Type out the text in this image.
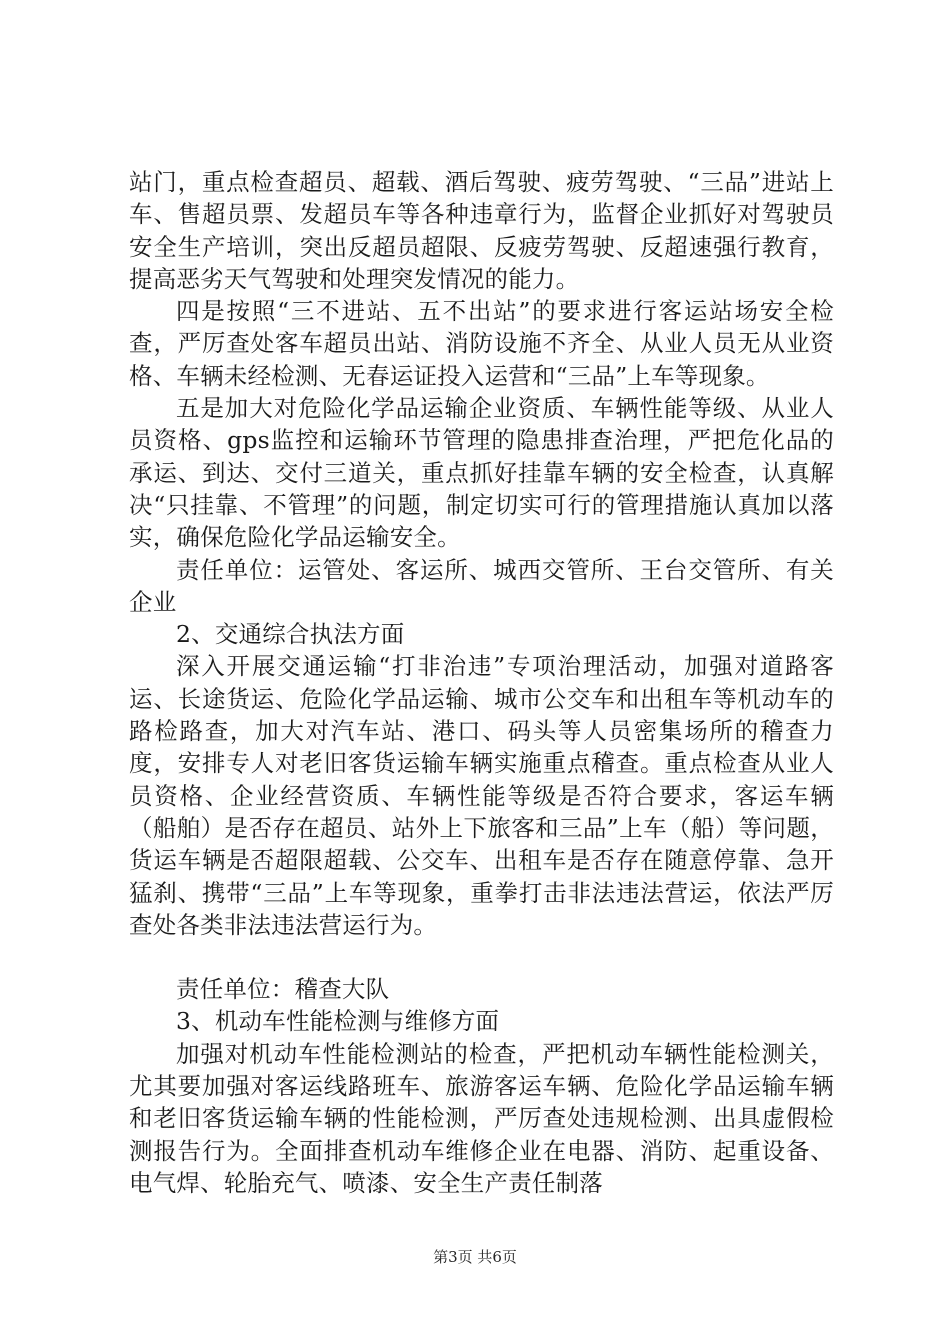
站门，重点检查超员、超载、酒后驾驶、疲劳驾驶、“三品”进站上车、售超员票、发超员车等各种违章行为，监督企业抓好对驾驶员安全生产培训，突出反超员超限、反疲劳驾驶、反超速强行教育，提高恶劣天气驾驶和处理突发情况的能力。

四是按照“三不进站、五不出站”的要求进行客运站场安全检查，严厉查处客车超员出站、消防设施不齐全、从业人员无从业资格、车辆未经检测、无春运证投入运营和“三品”上车等现象。

五是加大对危险化学品运输企业资质、车辆性能等级、从业人员资格、gps监控和运输环节管理的隐患排查治理，严把危化品的承运、到达、交付三道关，重点抓好挂靠车辆的安全检查，认真解决“只挂靠、不管理”的问题，制定切实可行的管理措施认真加以落实，确保危险化学品运输安全。

责任单位：运管处、客运所、城西交管所、王台交管所、有关企业

2、交通综合执法方面

深入开展交通运输“打非治违”专项治理活动，加强对道路客运、长途货运、危险化学品运输、城市公交车和出租车等机动车的路检路查，加大对汽车站、港口、码头等人员密集场所的稽查力度，安排专人对老旧客货运输车辆实施重点稽查。重点检查从业人员资格、企业经营资质、车辆性能等级是否符合要求，客运车辆（船舶）是否存在超员、站外上下旅客和三品”上车（船）等问题，货运车辆是否超限超载、公交车、出租车是否存在随意停靠、急开猛刹、携带“三品”上车等现象，重拳打击非法违法营运，依法严厉查处各类非法违法营运行为。

责任单位：稽查大队

3、机动车性能检测与维修方面

加强对机动车性能检测站的检查，严把机动车辆性能检测关，尤其要加强对客运线路班车、旅游客运车辆、危险化学品运输车辆和老旧客货运输车辆的性能检测，严厉查处违规检测、出具虚假检测报告行为。全面排查机动车维修企业在电器、消防、起重设备、电气焊、轮胎充气、喷漆、安全生产责任制落

第3页 共6页
